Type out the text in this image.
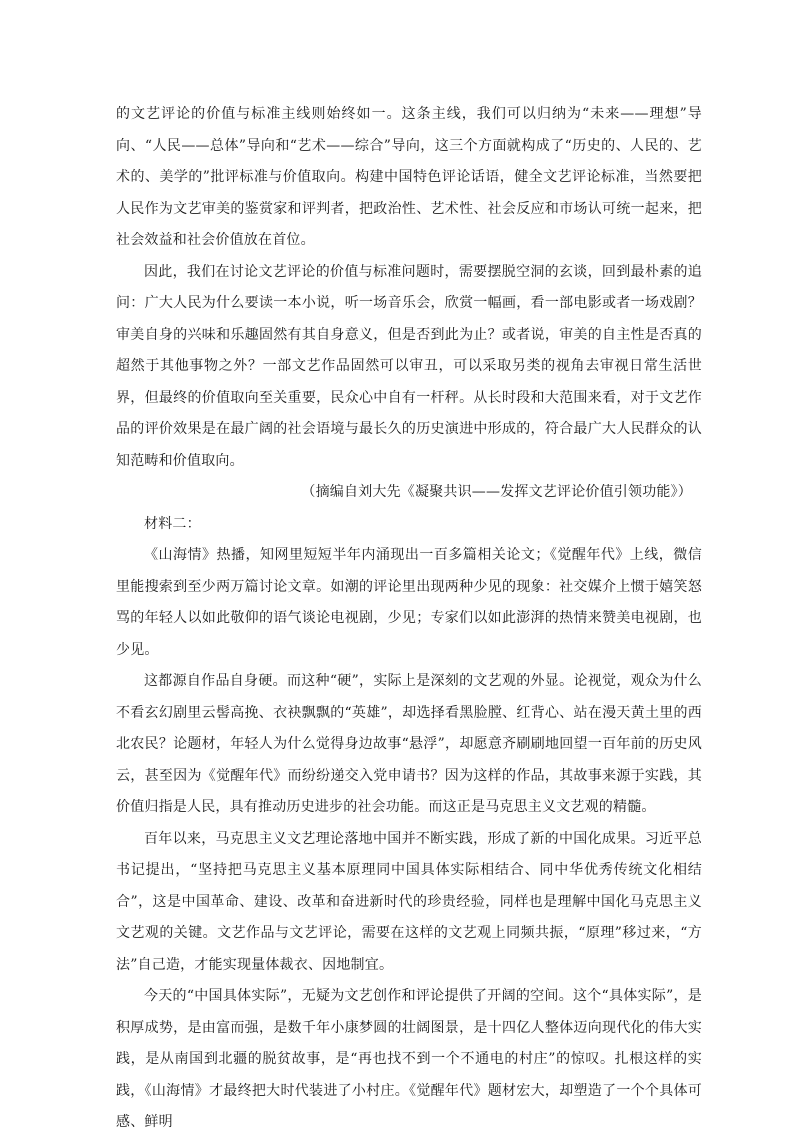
的文艺评论的价值与标准主线则始终如一。这条主线，我们可以归纳为“未来——理想”导向、“人民——总体”导向和“艺术——综合”导向，这三个方面就构成了“历史的、人民的、艺术的、美学的”批评标准与价值取向。构建中国特色评论话语，健全文艺评论标准，当然要把人民作为文艺审美的鉴赏家和评判者，把政治性、艺术性、社会反应和市场认可统一起来，把社会效益和社会价值放在首位。

因此，我们在讨论文艺评论的价值与标准问题时，需要摆脱空洞的玄谈，回到最朴素的追问：广大人民为什么要读一本小说，听一场音乐会，欣赏一幅画，看一部电影或者一场戏剧？审美自身的兴味和乐趣固然有其自身意义，但是否到此为止？或者说，审美的自主性是否真的超然于其他事物之外？一部文艺作品固然可以审丑，可以采取另类的视角去审视日常生活世界，但最终的价值取向至关重要，民众心中自有一杆秤。从长时段和大范围来看，对于文艺作品的评价效果是在最广阔的社会语境与最长久的历史演进中形成的，符合最广大人民群众的认知范畴和价值取向。

（摘编自刘大先《凝聚共识——发挥文艺评论价值引领功能》）

材料二：

《山海情》热播，知网里短短半年内涌现出一百多篇相关论文；《觉醒年代》上线，微信里能搜索到至少两万篇讨论文章。如潮的评论里出现两种少见的现象：社交媒介上惯于嬉笑怒骂的年轻人以如此敬仰的语气谈论电视剧，少见；专家们以如此澎湃的热情来赞美电视剧，也少见。

这都源自作品自身硬。而这种“硬”，实际上是深刻的文艺观的外显。论视觉，观众为什么不看玄幻剧里云髻高挽、衣袂飘飘的“英雄”，却选择看黑脸膛、红背心、站在漫天黄土里的西北农民？论题材，年轻人为什么觉得身边故事“悬浮”，却愿意齐刷刷地回望一百年前的历史风云，甚至因为《觉醒年代》而纷纷递交入党申请书？因为这样的作品，其故事来源于实践，其价值归指是人民，具有推动历史进步的社会功能。而这正是马克思主义文艺观的精髓。

百年以来，马克思主义文艺理论落地中国并不断实践，形成了新的中国化成果。习近平总书记提出，“坚持把马克思主义基本原理同中国具体实际相结合、同中华优秀传统文化相结合”，这是中国革命、建设、改革和奋进新时代的珍贵经验，同样也是理解中国化马克思主义文艺观的关键。文艺作品与文艺评论，需要在这样的文艺观上同频共振，“原理”移过来，“方法”自己造，才能实现量体裁衣、因地制宜。

今天的“中国具体实际”，无疑为文艺创作和评论提供了开阔的空间。这个“具体实际”，是积厚成势，是由富而强，是数千年小康梦圆的壮阔图景，是十四亿人整体迈向现代化的伟大实践，是从南国到北疆的脱贫故事，是“再也找不到一个不通电的村庄”的惊叹。扎根这样的实践，《山海情》才最终把大时代装进了小村庄。《觉醒年代》题材宏大，却塑造了一个个具体可感、鲜明
